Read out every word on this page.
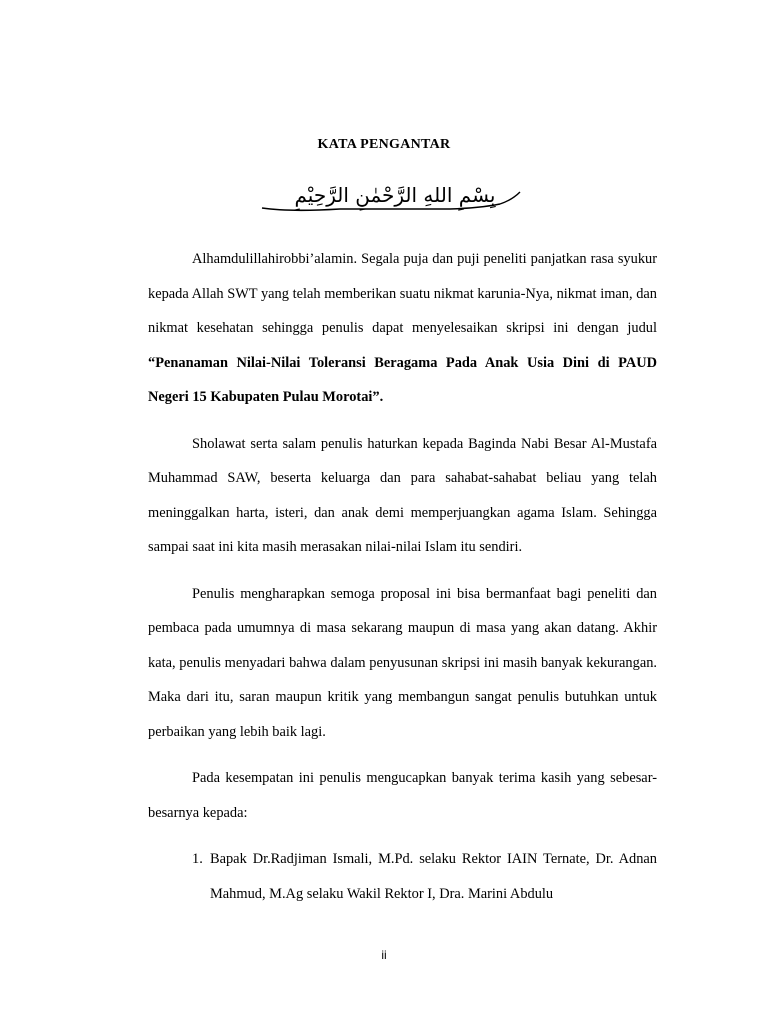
KATA PENGANTAR
بِسْمِ اللهِ الرَّحْمٰنِ الرَّحِيْمِ

Alhamdulillahirobbi’alamin. Segala puja dan puji peneliti panjatkan rasa syukur kepada Allah SWT yang telah memberikan suatu nikmat karunia-Nya, nikmat iman, dan nikmat kesehatan sehingga penulis dapat menyelesaikan skripsi ini dengan judul “Penanaman Nilai-Nilai Toleransi Beragama Pada Anak Usia Dini di PAUD Negeri 15 Kabupaten Pulau Morotai”.

Sholawat serta salam penulis haturkan kepada Baginda Nabi Besar Al-Mustafa Muhammad SAW, beserta keluarga dan para sahabat-sahabat beliau yang telah meninggalkan harta, isteri, dan anak demi memperjuangkan agama Islam. Sehingga sampai saat ini kita masih merasakan nilai-nilai Islam itu sendiri.

Penulis mengharapkan semoga proposal ini bisa bermanfaat bagi peneliti dan pembaca pada umumnya di masa sekarang maupun di masa yang akan datang. Akhir kata, penulis menyadari bahwa dalam penyusunan skripsi ini masih banyak kekurangan. Maka dari itu, saran maupun kritik yang membangun sangat penulis butuhkan untuk perbaikan yang lebih baik lagi.

Pada kesempatan ini penulis mengucapkan banyak terima kasih yang sebesar-besarnya kepada:

1. Bapak Dr.Radjiman Ismali, M.Pd. selaku Rektor IAIN Ternate, Dr. Adnan Mahmud, M.Ag selaku Wakil Rektor I, Dra. Marini Abdulu
ii
